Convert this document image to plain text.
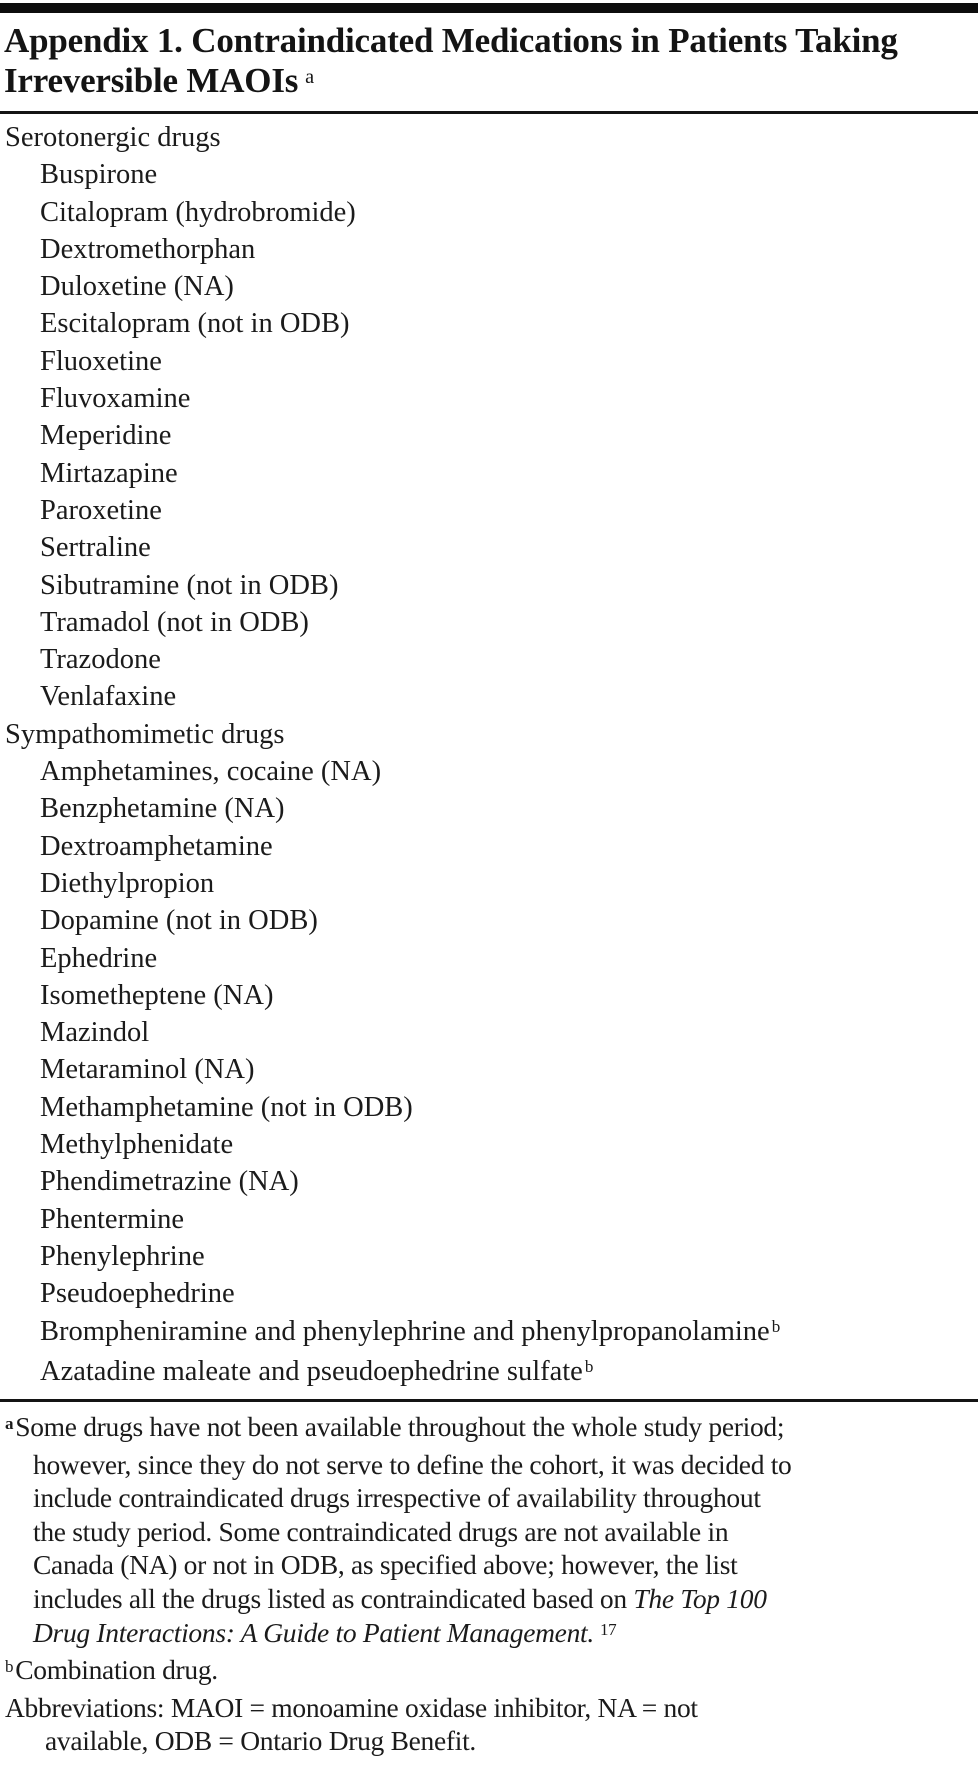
Appendix 1. Contraindicated Medications in Patients Taking
Irreversible MAOIs $^a$
Serotonergic drugs
Buspirone
Citalopram (hydrobromide)
Dextromethorphan
Duloxetine (NA)
Escitalopram (not in ODB)
Fluoxetine
Fluvoxamine
Meperidine
Mirtazapine
Paroxetine
Sertraline
Sibutramine (not in ODB)
Tramadol (not in ODB)
Trazodone
Venlafaxine
Sympathomimetic drugs
Amphetamines, cocaine (NA)
Benzphetamine (NA)
Dextroamphetamine
Diethylpropion
Dopamine (not in ODB)
Ephedrine
Isometheptene (NA)
Mazindol
Metaraminol (NA)
Methamphetamine (not in ODB)
Methylphenidate
Phendimetrazine (NA)
Phentermine
Phenylephrine
Pseudoephedrine
Brompheniramine and phenylephrine and phenylpropanolamine $^b$
Azatadine maleate and pseudoephedrine sulfate $^b$
$^a$Some drugs have not been available throughout the whole study period;
however, since they do not serve to define the cohort, it was decided to
include contraindicated drugs irrespective of availability throughout
the study period. Some contraindicated drugs are not available in
Canada (NA) or not in ODB, as specified above; however, the list
includes all the drugs listed as contraindicated based on The Top 100
Drug Interactions: A Guide to Patient Management. $^{17}$
$^b$Combination drug.
Abbreviations: MAOI = monoamine oxidase inhibitor, NA = not
available, ODB = Ontario Drug Benefit.
